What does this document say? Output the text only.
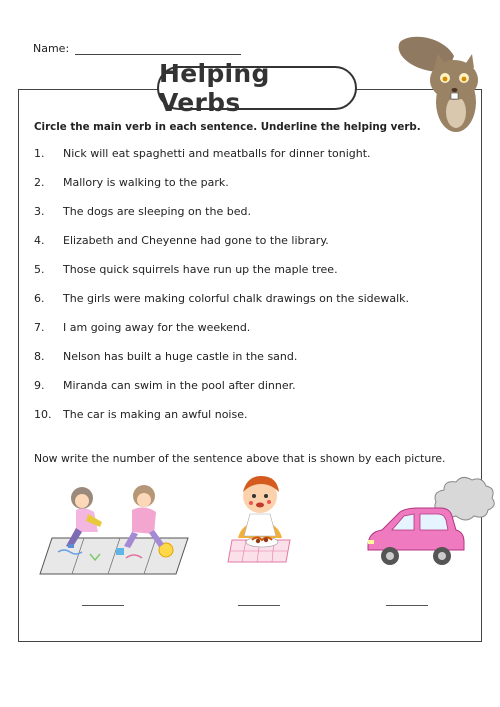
Name:
Helping Verbs
Circle the main verb in each sentence. Underline the helping verb.
1.	Nick will eat spaghetti and meatballs for dinner tonight.
2.	Mallory is walking to the park.
3.	The dogs are sleeping on the bed.
4.	Elizabeth and Cheyenne had gone to the library.
5.	Those quick squirrels have run up the maple tree.
6.	The girls were making colorful chalk drawings on the sidewalk.
7.	I am going away for the weekend.
8.	Nelson has built a huge castle in the sand.
9.	Miranda can swim in the pool after dinner.
10.	The car is making an awful noise.
Now write the number of the sentence above that is shown by each picture.
